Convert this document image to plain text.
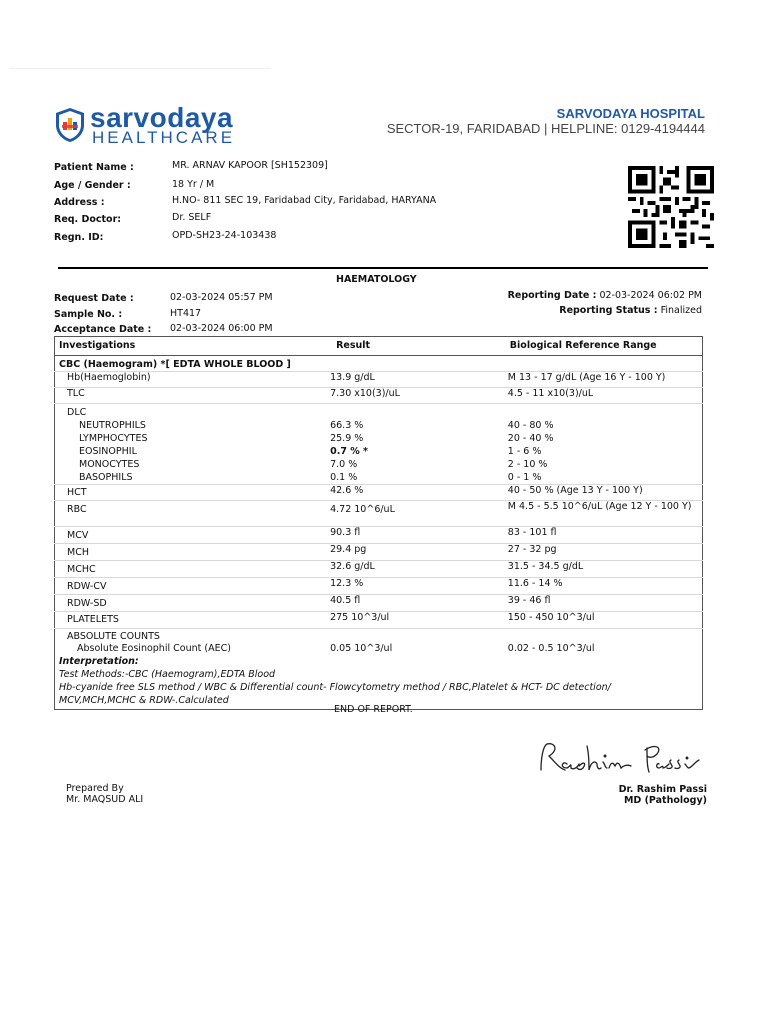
sarvodaya
HEALTHCARE
SARVODAYA HOSPITAL
SECTOR-19, FARIDABAD | HELPLINE: 0129-4194444
Patient Name :	MR. ARNAV KAPOOR [SH152309]
Age / Gender :	18 Yr / M
Address :	H.NO- 811 SEC 19, Faridabad City, Faridabad, HARYANA
Req. Doctor:	Dr. SELF
Regn. ID:	OPD-SH23-24-103438
HAEMATOLOGY
Request Date :	02-03-2024 05:57 PM
Sample No. :	HT417
Acceptance Date : 02-03-2024 06:00 PM
Reporting Date : 02-03-2024 06:02 PM
Reporting Status : Finalized
Investigations	Result	Biological Reference Range
CBC (Haemogram) *[ EDTA WHOLE BLOOD ]		
Hb(Haemoglobin)	13.9 g/dL	M 13 - 17 g/dL (Age 16 Y - 100 Y)
TLC	7.30 x10(3)/uL	4.5 - 11 x10(3)/uL
DLC		
NEUTROPHILS	66.3 %	40 - 80 %
LYMPHOCYTES	25.9 %	20 - 40 %
EOSINOPHIL	0.7 % *	1 - 6 %
MONOCYTES	7.0 %	2 - 10 %
BASOPHILS	0.1 %	0 - 1 %
HCT	42.6 %	40 - 50 % (Age 13 Y - 100 Y)
RBC	4.72 10^6/uL	M 4.5 - 5.5 10^6/uL (Age 12 Y - 100 Y)
MCV	90.3 fl	83 - 101 fl
MCH	29.4 pg	27 - 32 pg
MCHC	32.6 g/dL	31.5 - 34.5 g/dL
RDW-CV	12.3 %	11.6 - 14 %
RDW-SD	40.5 fl	39 - 46 fl
PLATELETS	275 10^3/ul	150 - 450 10^3/ul
ABSOLUTE COUNTS		
Absolute Eosinophil Count (AEC)	0.05 10^3/ul	0.02 - 0.5 10^3/ul

Interpretation:
Test Methods:-CBC (Haemogram),EDTA Blood
Hb-cyanide free SLS method / WBC & Differential count- Flowcytometry method / RBC,Platelet & HCT- DC detection/
MCV,MCH,MCHC & RDW-.Calculated		
END OF REPORT.
Prepared By
Mr. MAQSUD ALI
Dr. Rashim Passi
MD (Pathology)
